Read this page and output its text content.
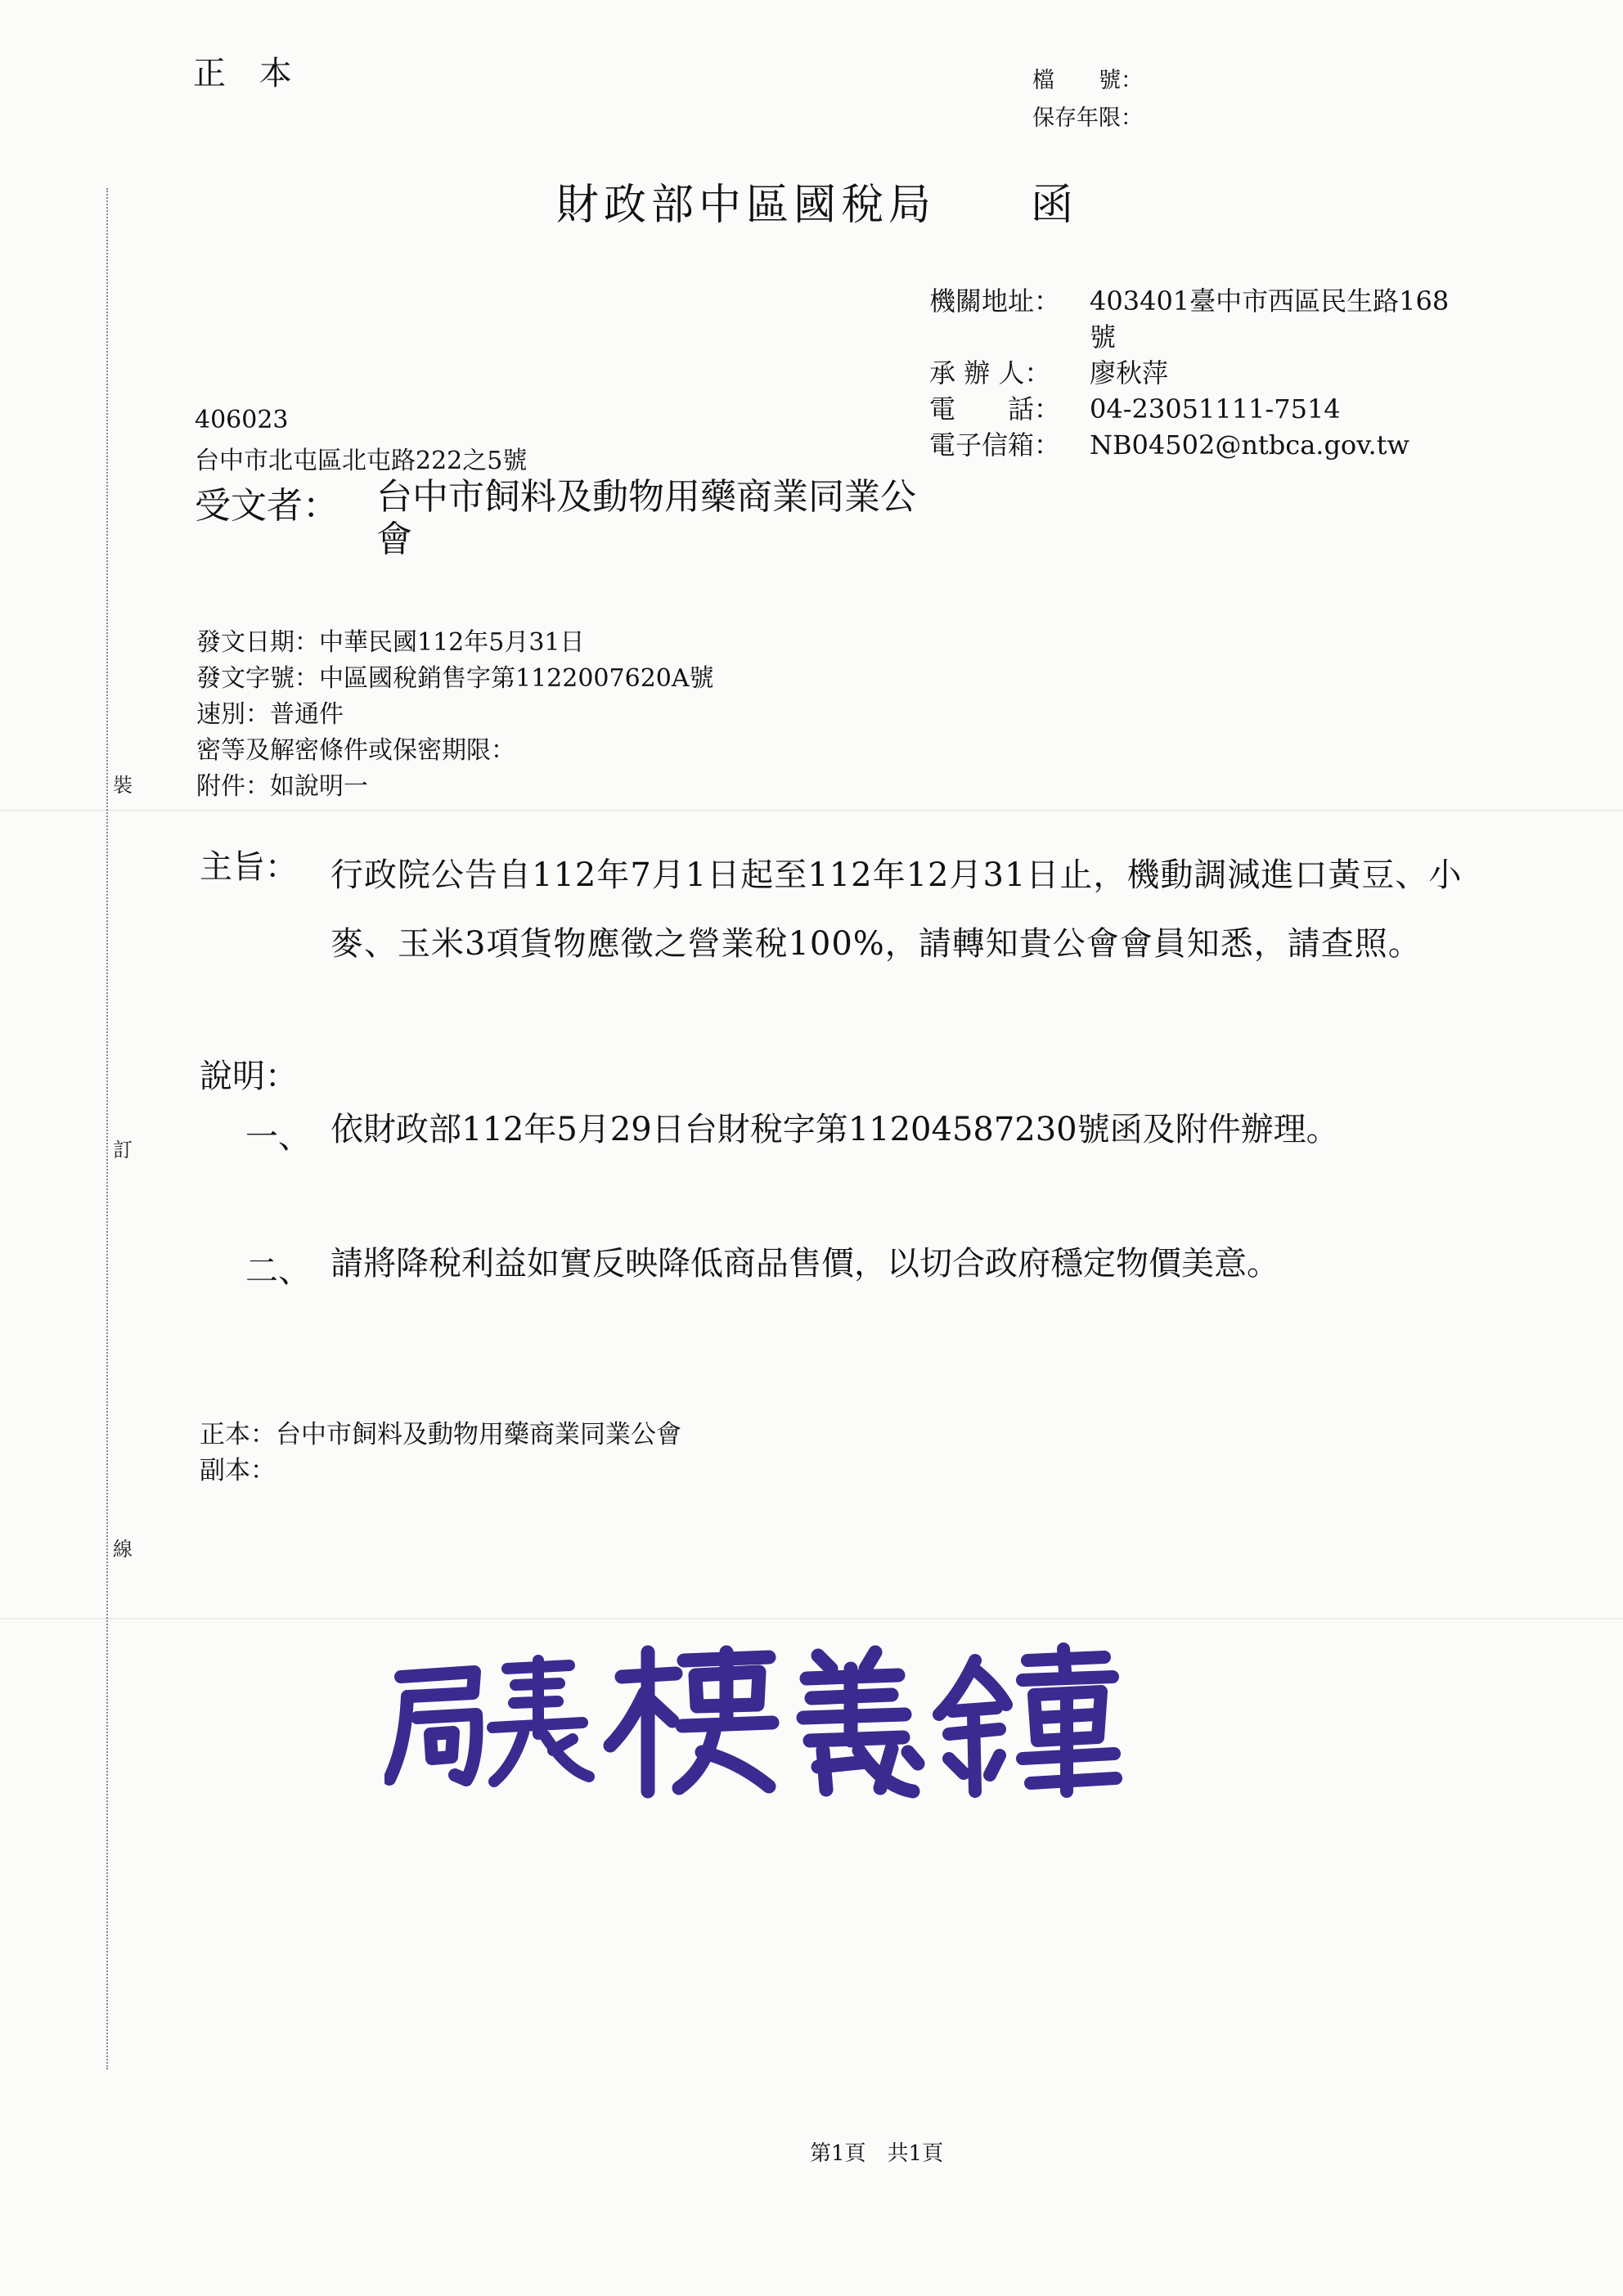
裝
訂
線
正 本	檔　　號：
保存年限：
財政部中區國稅局　　函
機關地址：	403401臺中市西區民生路168
號
承 辦 人：	廖秋萍
電　　話：	04-23051111-7514
電子信箱：	NB04502@ntbca.gov.tw
406023
台中市北屯區北屯路222之5號
受文者： 台中市飼料及動物用藥商業同業公會
發文日期：中華民國112年5月31日
發文字號：中區國稅銷售字第1122007620A號
速別：普通件
密等及解密條件或保密期限：
附件：如說明一
主旨： 行政院公告自112年7月1日起至112年12月31日止，機動調減進口黃豆、小麥、玉米3項貨物應徵之營業稅100%，請轉知貴公會會員知悉，請查照。
說明：
一、 依財政部112年5月29日台財稅字第11204587230號函及附件辦理。
二、 請將降稅利益如實反映降低商品售價，以切合政府穩定物價美意。
正本：台中市飼料及動物用藥商業同業公會
副本：
局長樓義鐘
第1頁　共1頁
